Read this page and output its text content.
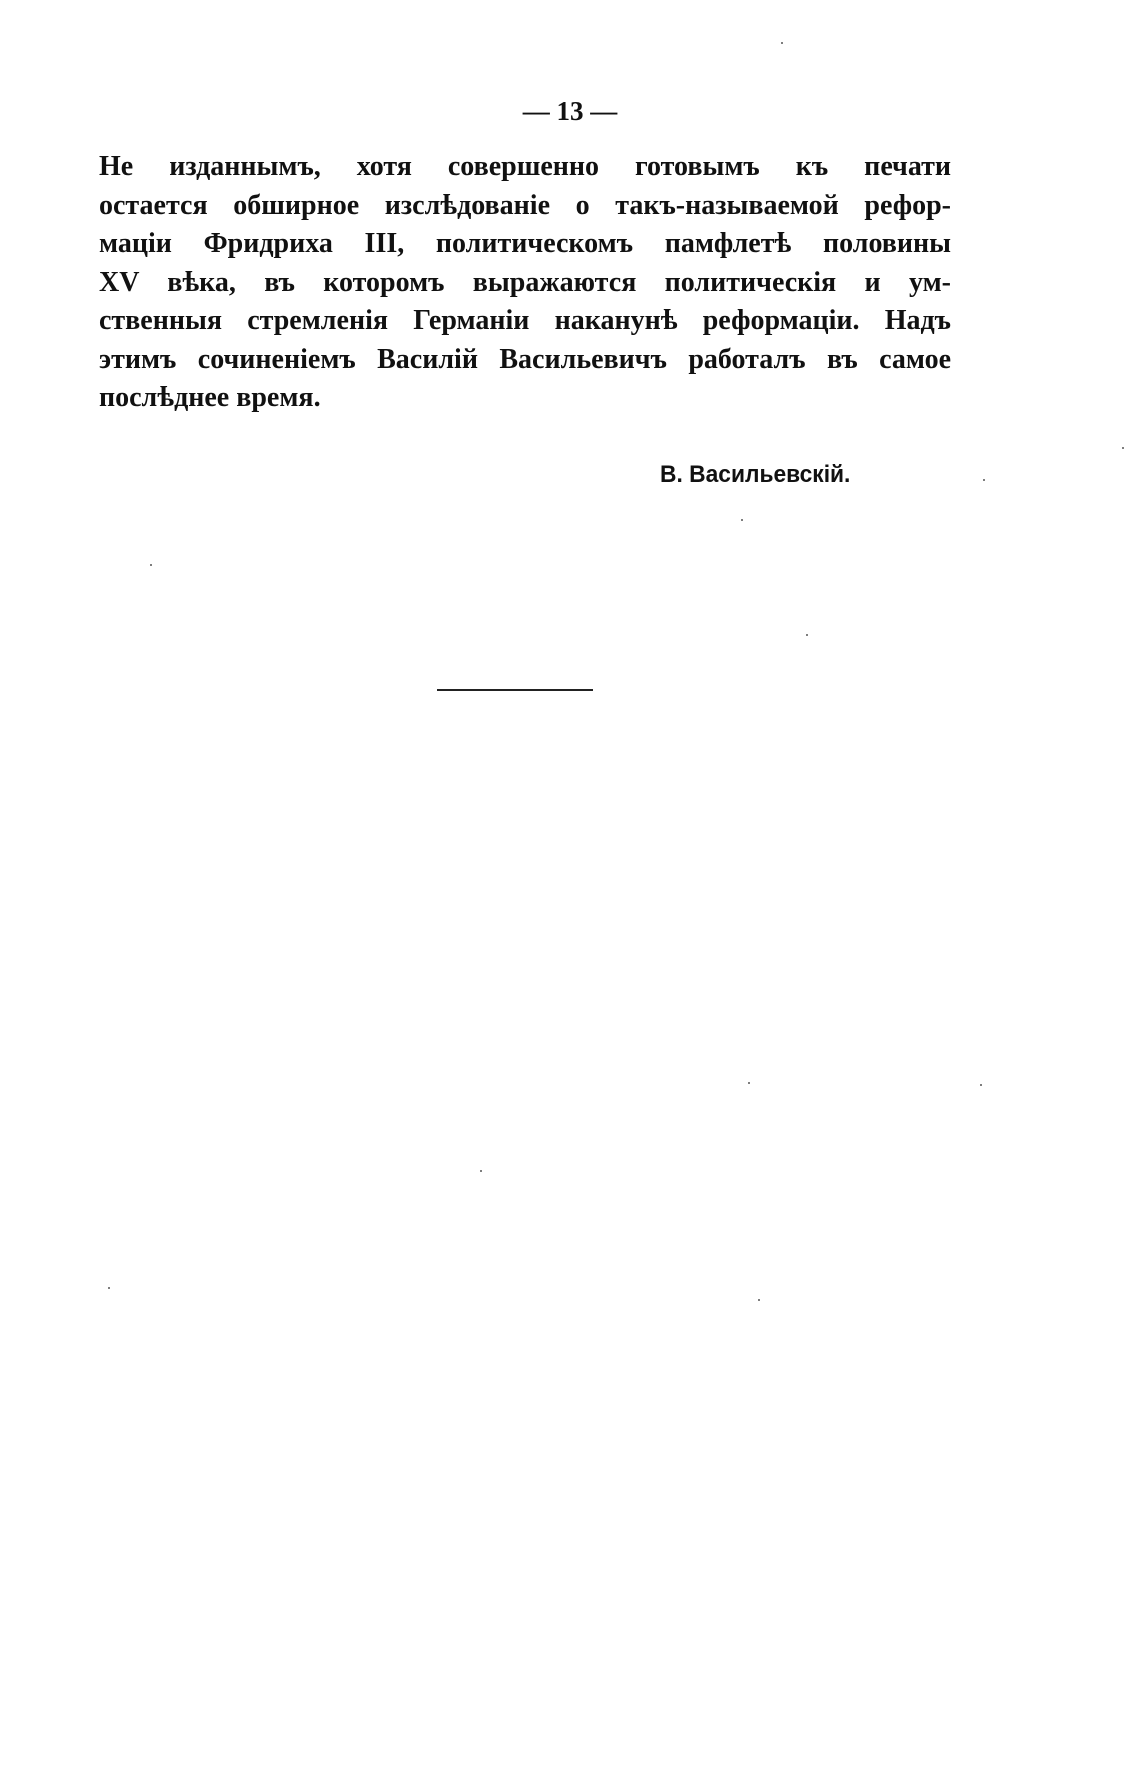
— 13 —
Не изданнымъ, хотя совершенно готовымъ къ печати
остается обширное изслѣдованіе о такъ-называемой рефор-
маціи Фридриха III, политическомъ памфлетѣ половины
XV вѣка, въ которомъ выражаются политическія и ум-
ственныя стремленія Германіи наканунѣ реформаціи. Надъ
этимъ сочиненіемъ Василій Васильевичъ работалъ въ самое
послѣднее время.
В. Васильевскій.
